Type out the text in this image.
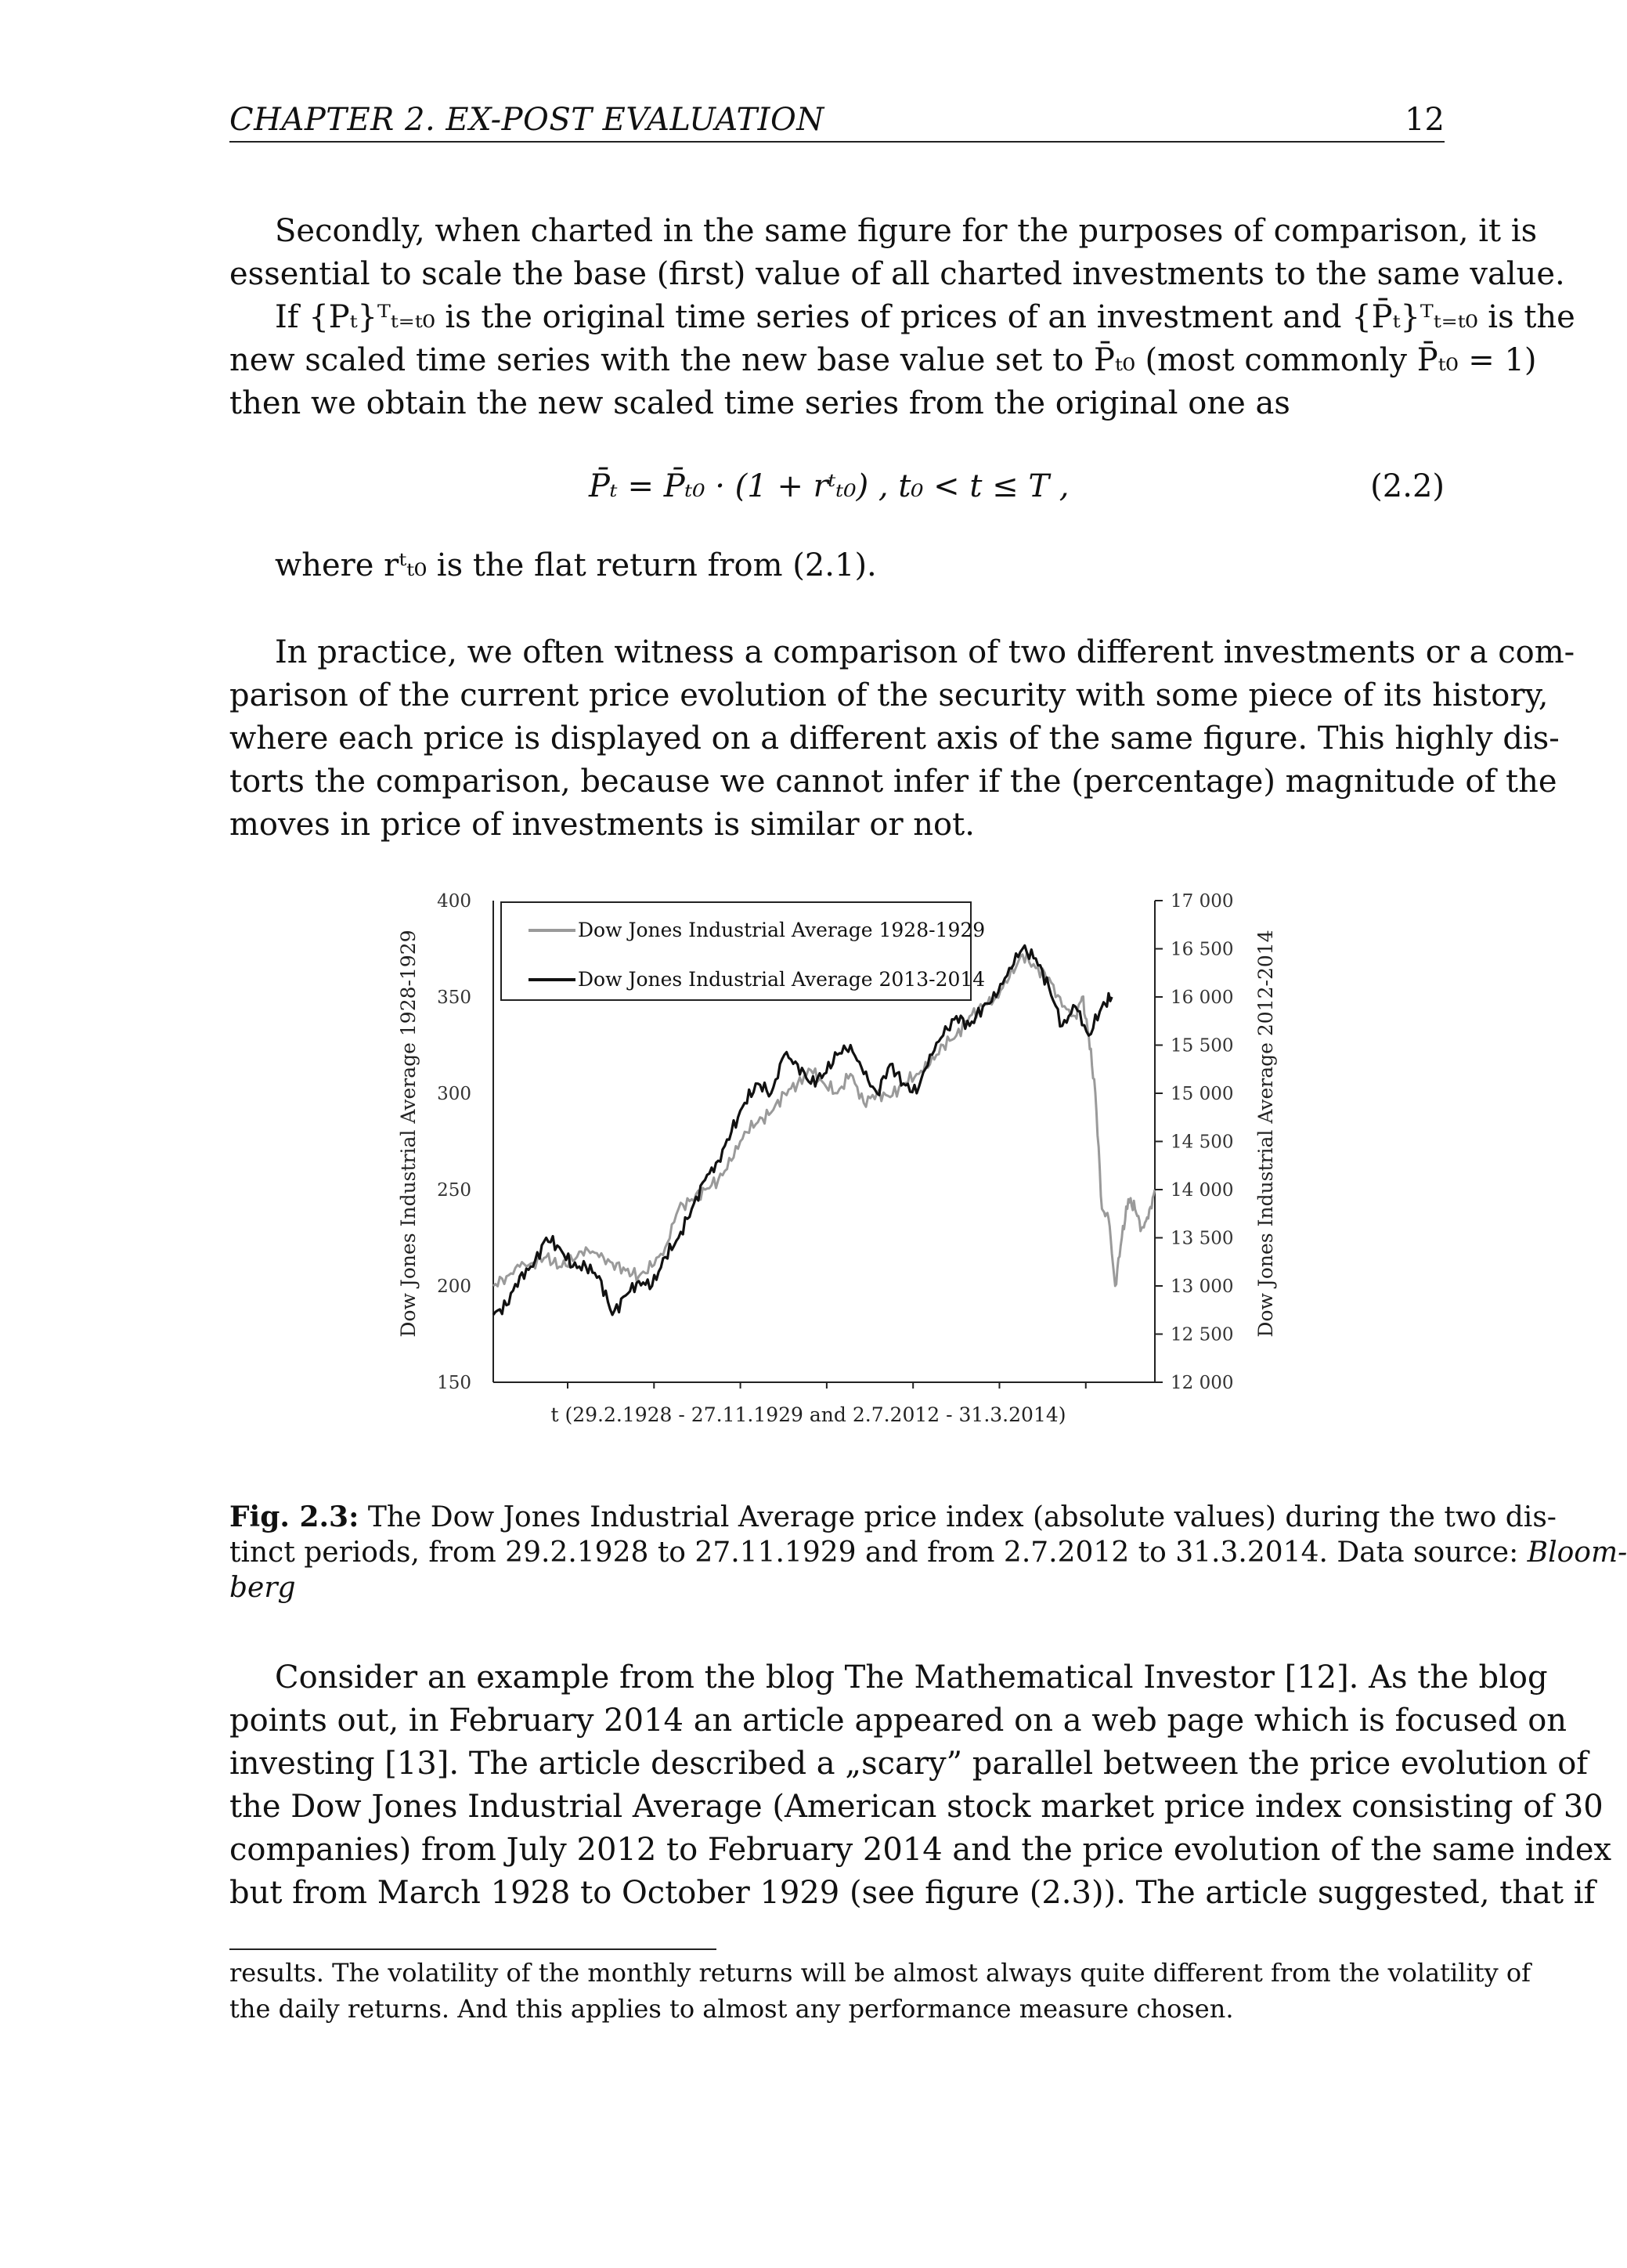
CHAPTER 2. EX-POST EVALUATION	12
Secondly, when charted in the same figure for the purposes of comparison, it is
essential to scale the base (first) value of all charted investments to the same value.
If {Pₜ}ᵀₜ₌ₜ₀ is the original time series of prices of an investment and {P̄ₜ}ᵀₜ₌ₜ₀ is the
new scaled time series with the new base value set to P̄ₜ₀ (most commonly P̄ₜ₀ = 1)
then we obtain the new scaled time series from the original one as
P̄ₜ = P̄ₜ₀ · (1 + rᵗₜ₀) , t₀ < t ≤ T ,	(2.2)
where rᵗₜ₀ is the flat return from (2.1).
In practice, we often witness a comparison of two different investments or a com-
parison of the current price evolution of the security with some piece of its history,
where each price is displayed on a different axis of the same figure. This highly dis-
torts the comparison, because we cannot infer if the (percentage) magnitude of the
moves in price of investments is similar or not.
Dow Jones Industrial Average 1928-1929
Dow Jones Industrial Average 2013-2014
400
350
300
250
200
150
17 000
16 500
16 000
15 500
15 000
14 500
14 000
13 500
13 000
12 500
12 000
t (29.2.1928 - 27.11.1929 and 2.7.2012 - 31.3.2014)
Dow Jones Industrial Average 1928-1929	Dow Jones Industrial Average 2012-2014
Fig. 2.3: The Dow Jones Industrial Average price index (absolute values) during the two dis-
tinct periods, from 29.2.1928 to 27.11.1929 and from 2.7.2012 to 31.3.2014. Data source: Bloom-
berg
Consider an example from the blog The Mathematical Investor [12]. As the blog
points out, in February 2014 an article appeared on a web page which is focused on
investing [13]. The article described a „scary” parallel between the price evolution of
the Dow Jones Industrial Average (American stock market price index consisting of 30
companies) from July 2012 to February 2014 and the price evolution of the same index
but from March 1928 to October 1929 (see figure (2.3)). The article suggested, that if
results. The volatility of the monthly returns will be almost always quite different from the volatility of
the daily returns. And this applies to almost any performance measure chosen.
